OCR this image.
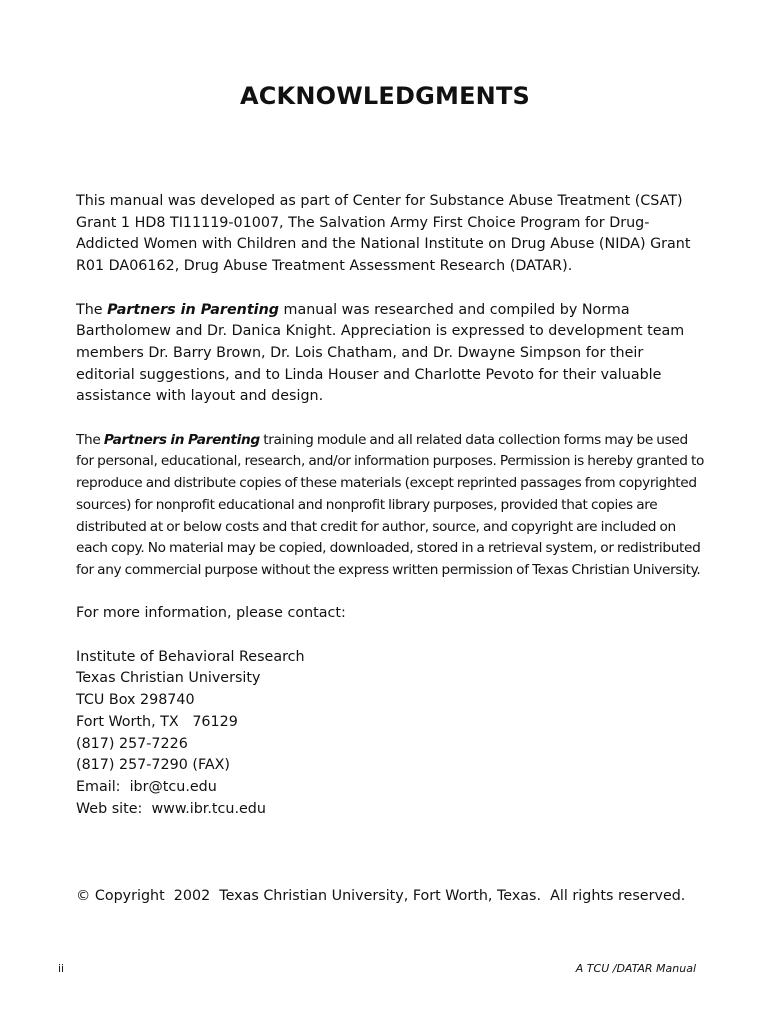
ACKNOWLEDGMENTS

This manual was developed as part of Center for Substance Abuse Treatment (CSAT) Grant 1 HD8 TI11119-01007, The Salvation Army First Choice Program for Drug-Addicted Women with Children and the National Institute on Drug Abuse (NIDA) Grant R01 DA06162, Drug Abuse Treatment Assessment Research (DATAR).

The Partners in Parenting manual was researched and compiled by Norma Bartholomew and Dr. Danica Knight. Appreciation is expressed to development team members Dr. Barry Brown, Dr. Lois Chatham, and Dr. Dwayne Simpson for their editorial suggestions, and to Linda Houser and Charlotte Pevoto for their valuable assistance with layout and design.

The Partners in Parenting training module and all related data collection forms may be used for personal, educational, research, and/or information purposes. Permission is hereby granted to reproduce and distribute copies of these materials (except reprinted passages from copyrighted sources) for nonprofit educational and nonprofit library purposes, provided that copies are distributed at or below costs and that credit for author, source, and copyright are included on each copy. No material may be copied, downloaded, stored in a retrieval system, or redistributed for any commercial purpose without the express written permission of Texas Christian University.

For more information, please contact:

Institute of Behavioral Research
Texas Christian University
TCU Box 298740
Fort Worth, TX   76129
(817) 257-7226
(817) 257-7290 (FAX)
Email:  ibr@tcu.edu
Web site:  www.ibr.tcu.edu
© Copyright  2002  Texas Christian University, Fort Worth, Texas.  All rights reserved.
ii	A TCU /DATAR Manual
